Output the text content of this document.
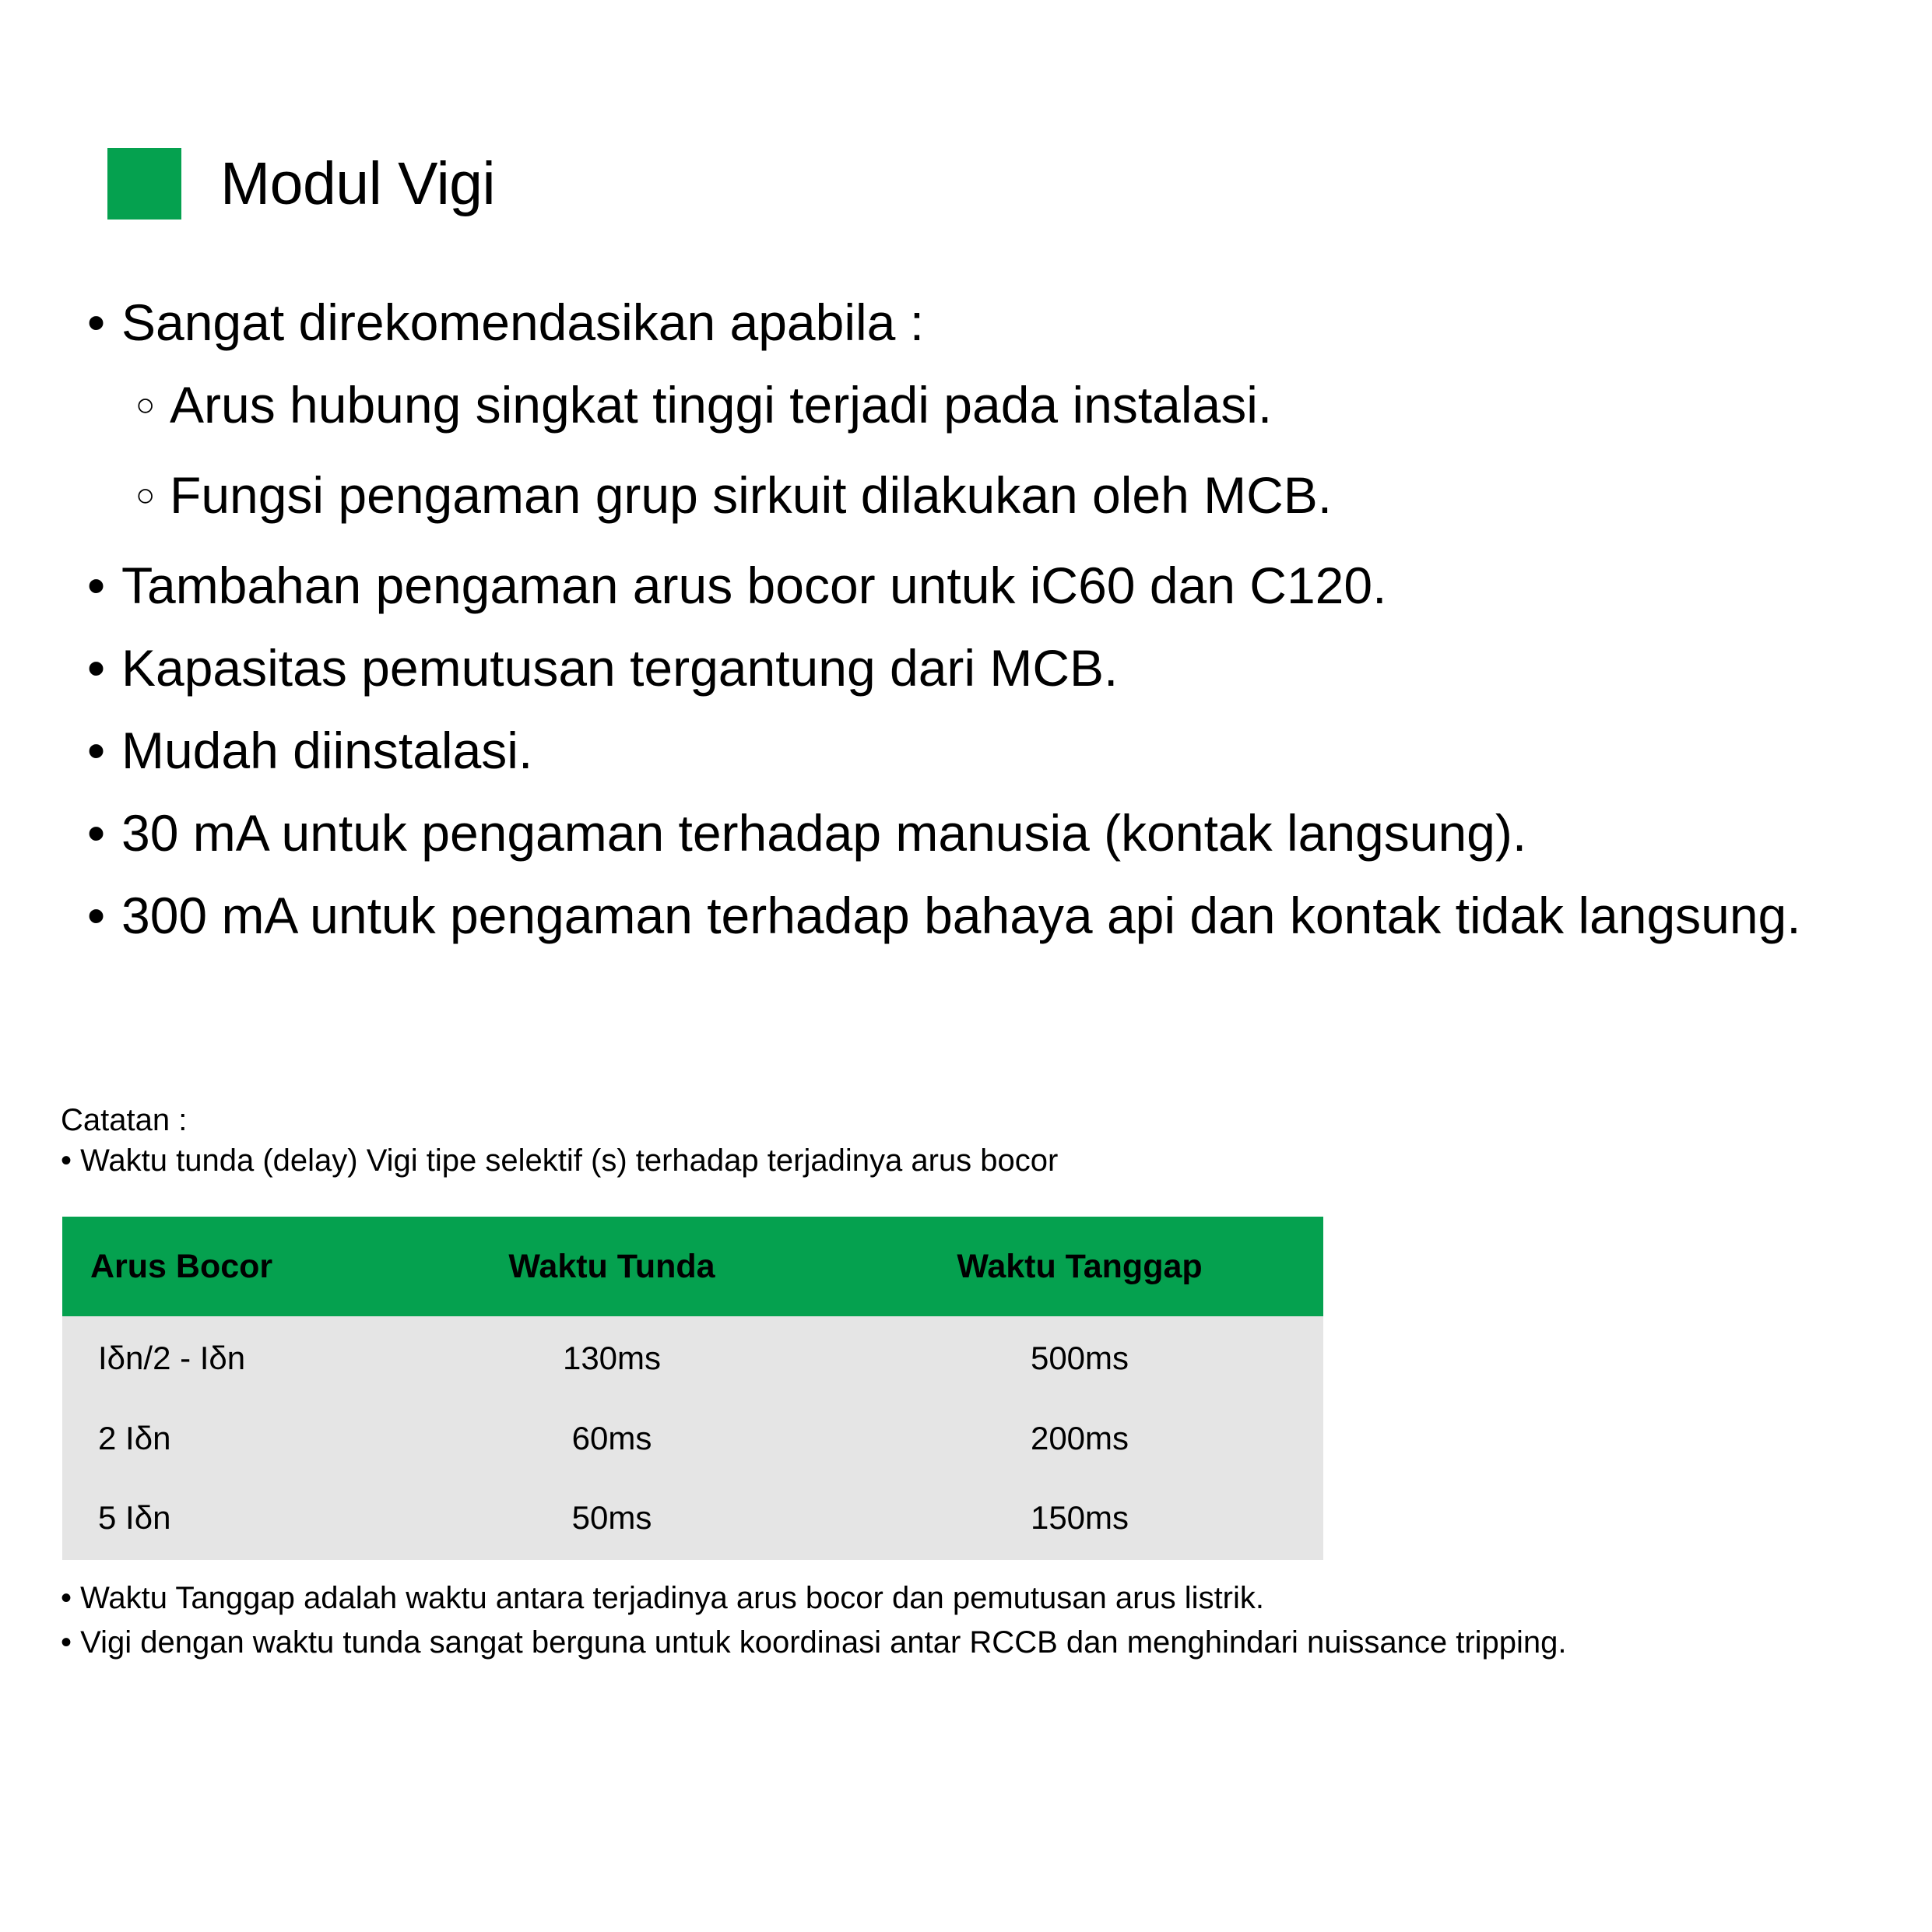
Modul Vigi
• Sangat direkomendasikan apabila :
○ Arus hubung singkat tinggi terjadi pada instalasi.
○ Fungsi pengaman grup sirkuit dilakukan oleh MCB.
• Tambahan pengaman arus bocor untuk iC60 dan C120.
• Kapasitas pemutusan tergantung dari MCB.
• Mudah diinstalasi.
• 30 mA untuk pengaman terhadap manusia (kontak langsung).
• 300 mA untuk pengaman terhadap bahaya api dan kontak tidak langsung.
Catatan :
• Waktu tunda (delay) Vigi tipe selektif (s) terhadap terjadinya arus bocor
Arus Bocor	Waktu Tunda	Waktu Tanggap
Iδn/2 - Iδn	130ms	500ms
2 Iδn	60ms	200ms
5 Iδn	50ms	150ms
• Waktu Tanggap adalah waktu antara terjadinya arus bocor dan pemutusan arus listrik.
• Vigi dengan waktu tunda sangat berguna untuk koordinasi antar RCCB dan menghindari nuissance tripping.
